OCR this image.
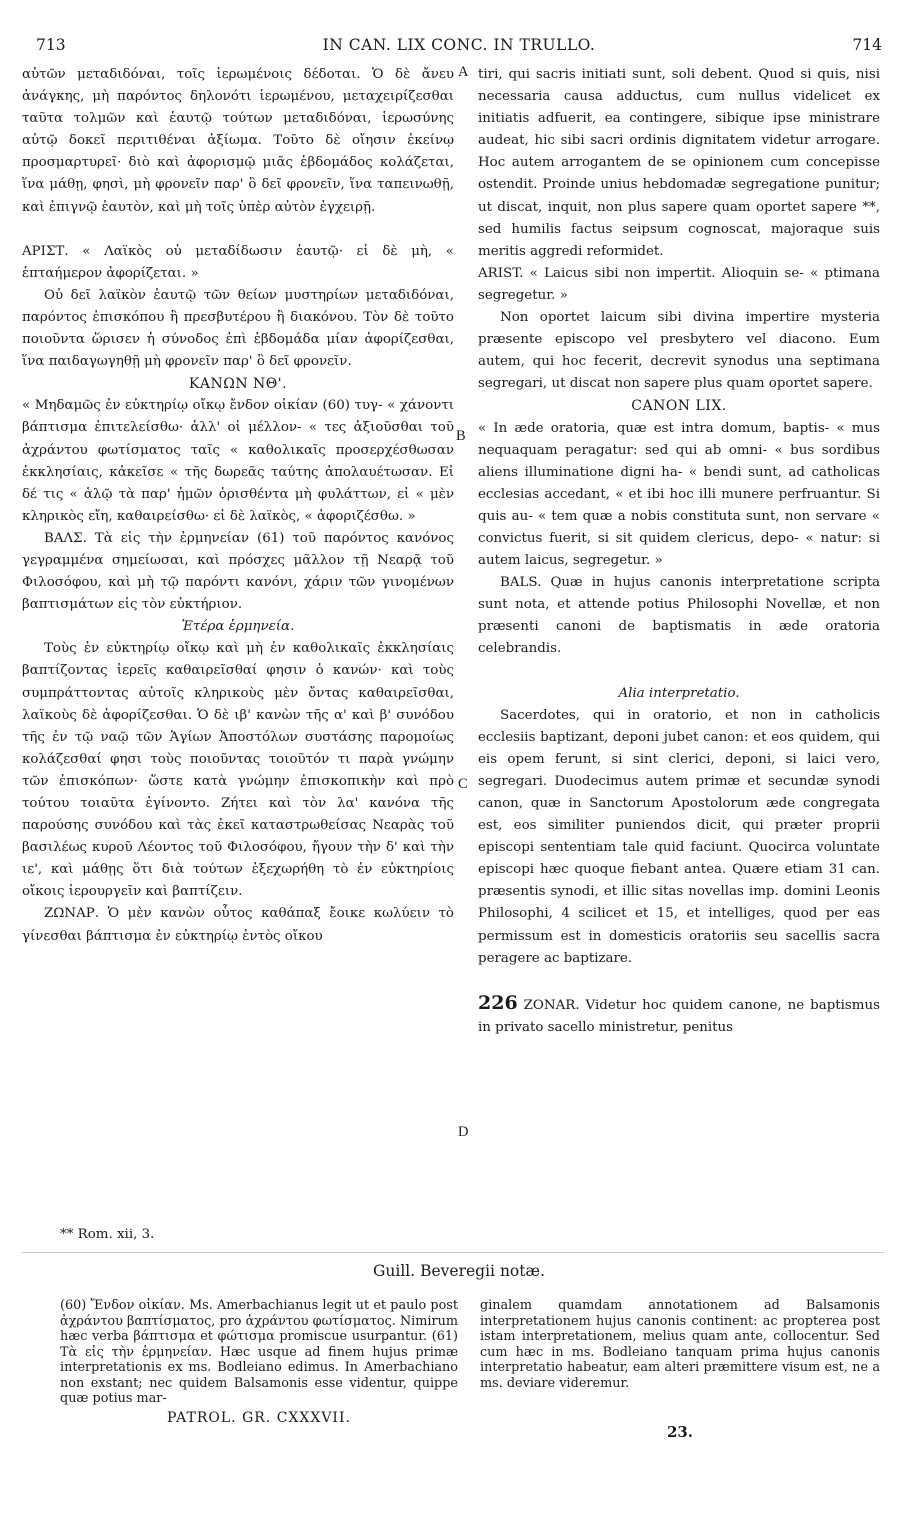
713	IN CAN. LIX CONC. IN TRULLO.	714

αὐτῶν μεταδιδόναι, τοῖς ἱερωμένοις δέδοται. Ὁ δὲ ἄνευ ἀνάγκης, μὴ παρόντος δηλονότι ἱερωμένου, μεταχειρίζεσθαι ταῦτα τολμῶν καὶ ἑαυτῷ τούτων μεταδιδόναι, ἱερωσύνης αὐτῷ δοκεῖ περιτιθέναι ἀξίωμα. Τοῦτο δὲ οἴησιν ἐκείνῳ προσμαρτυρεῖ· διὸ καὶ ἀφορισμῷ μιᾶς ἑβδομάδος κολάζεται, ἵνα μάθῃ, φησὶ, μὴ φρονεῖν παρ' ὃ δεῖ φρονεῖν, ἵνα ταπεινωθῇ, καὶ ἐπιγνῷ ἑαυτὸν, καὶ μὴ τοῖς ὑπὲρ αὐτὸν ἐγχειρῇ.

ΑΡΙΣΤ. « Λαϊκὸς οὐ μεταδίδωσιν ἑαυτῷ· εἰ δὲ μὴ, « ἑπταήμερον ἀφορίζεται. »

Οὐ δεῖ λαϊκὸν ἑαυτῷ τῶν θείων μυστηρίων μεταδιδόναι, παρόντος ἐπισκόπου ἢ πρεσβυτέρου ἢ διακόνου. Τὸν δὲ τοῦτο ποιοῦντα ὥρισεν ἡ σύνοδος ἐπὶ ἑβδομάδα μίαν ἀφορίζεσθαι, ἵνα παιδαγωγηθῇ μὴ φρονεῖν παρ' ὃ δεῖ φρονεῖν.

ΚΑΝΩΝ ΝΘ'.

« Μηδαμῶς ἐν εὐκτηρίῳ οἴκῳ ἔνδον οἰκίαν (60) τυγ- « χάνοντι βάπτισμα ἐπιτελείσθω· ἀλλ' οἱ μέλλον- « τες ἀξιοῦσθαι τοῦ ἀχράντου φωτίσματος ταῖς « καθολικαῖς προσερχέσθωσαν ἐκκλησίαις, κἀκεῖσε « τῆς δωρεᾶς ταύτης ἀπολαυέτωσαν. Εἰ δέ τις « ἁλῷ τὰ παρ' ἡμῶν ὁρισθέντα μὴ φυλάττων, εἰ « μὲν κληρικὸς εἴη, καθαιρείσθω· εἰ δὲ λαϊκὸς, « ἀφοριζέσθω. »

ΒΑΛΣ. Τὰ εἰς τὴν ἑρμηνείαν (61) τοῦ παρόντος κανόνος γεγραμμένα σημείωσαι, καὶ πρόσχες μᾶλλον τῇ Νεαρᾷ τοῦ Φιλοσόφου, καὶ μὴ τῷ παρόντι κανόνι, χάριν τῶν γινομένων βαπτισμάτων εἰς τὸν εὐκτήριον.

Ἑτέρα ἑρμηνεία.

Τοὺς ἐν εὐκτηρίῳ οἴκῳ καὶ μὴ ἐν καθολικαῖς ἐκκλησίαις βαπτίζοντας ἱερεῖς καθαιρεῖσθαί φησιν ὁ κανών· καὶ τοὺς συμπράττοντας αὐτοῖς κληρικοὺς μὲν ὄντας καθαιρεῖσθαι, λαϊκοὺς δὲ ἀφορίζεσθαι. Ὁ δὲ ιβ' κανὼν τῆς α' καὶ β' συνόδου τῆς ἐν τῷ ναῷ τῶν Ἁγίων Ἀποστόλων συστάσης παρομοίως κολάζεσθαί φησι τοὺς ποιοῦντας τοιοῦτόν τι παρὰ γνώμην τῶν ἐπισκόπων· ὥστε κατὰ γνώμην ἐπισκοπικὴν καὶ πρὸ τούτου τοιαῦτα ἐγίνοντο. Ζήτει καὶ τὸν λα' κανόνα τῆς παρούσης συνόδου καὶ τὰς ἐκεῖ καταστρωθείσας Νεαρὰς τοῦ βασιλέως κυροῦ Λέοντος τοῦ Φιλοσόφου, ἤγουν τὴν δ' καὶ τὴν ιε', καὶ μάθῃς ὅτι διὰ τούτων ἐξεχωρήθη τὸ ἐν εὐκτηρίοις οἴκοις ἱερουργεῖν καὶ βαπτίζειν.

ΖΩΝΑΡ. Ὁ μὲν κανὼν οὗτος καθάπαξ ἔοικε κωλύειν τὸ γίνεσθαι βάπτισμα ἐν εὐκτηρίῳ ἐντὸς οἴκου

tiri, qui sacris initiati sunt, soli debent. Quod si quis, nisi necessaria causa adductus, cum nullus videlicet ex initiatis adfuerit, ea contingere, sibique ipse ministrare audeat, hic sibi sacri ordinis dignitatem videtur arrogare. Hoc autem arrogantem de se opinionem cum concepisse ostendit. Proinde unius hebdomadæ segregatione punitur; ut discat, inquit, non plus sapere quam oportet sapere **, sed humilis factus seipsum cognoscat, majoraque suis meritis aggredi reformidet.

ARIST. « Laicus sibi non impertit. Alioquin se- « ptimana segregetur. »

Non oportet laicum sibi divina impertire mysteria præsente episcopo vel presbytero vel diacono. Eum autem, qui hoc fecerit, decrevit synodus una septimana segregari, ut discat non sapere plus quam oportet sapere.

CANON LIX.

« In æde oratoria, quæ est intra domum, baptis- « mus nequaquam peragatur: sed qui ab omni- « bus sordibus aliens illuminatione digni ha- « bendi sunt, ad catholicas ecclesias accedant, « et ibi hoc illi munere perfruantur. Si quis au- « tem quæ a nobis constituta sunt, non servare « convictus fuerit, si sit quidem clericus, depo- « natur: si autem laicus, segregetur. »

BALS. Quæ in hujus canonis interpretatione scripta sunt nota, et attende potius Philosophi Novellæ, et non præsenti canoni de baptismatis in æde oratoria celebrandis.

Alia interpretatio.

Sacerdotes, qui in oratorio, et non in catholicis ecclesiis baptizant, deponi jubet canon: et eos quidem, qui eis opem ferunt, si sint clerici, deponi, si laici vero, segregari. Duodecimus autem primæ et secundæ synodi canon, quæ in Sanctorum Apostolorum æde congregata est, eos similiter puniendos dicit, qui præter proprii episcopi sententiam tale quid faciunt. Quocirca voluntate episcopi hæc quoque fiebant antea. Quære etiam 31 can. præsentis synodi, et illic sitas novellas imp. domini Leonis Philosophi, 4 scilicet et 15, et intelliges, quod per eas permissum est in domesticis oratoriis seu sacellis sacra peragere ac baptizare.

226 ZONAR. Videtur hoc quidem canone, ne baptismus in privato sacello ministretur, penitus

A
B
C
D
** Rom. xii, 3.
Guill. Beveregii notæ.

(60) Ἔνδον οἰκίαν. Ms. Amerbachianus legit ut et paulo post ἀχράντου βαπτίσματος, pro ἀχράντου φωτίσματος. Nimirum hæc verba βάπτισμα et φώτισμα promiscue usurpantur. (61) Τὰ εἰς τὴν ἑρμηνείαν. Hæc usque ad finem hujus primæ interpretationis ex ms. Bodleiano edimus. In Amerbachiano non exstant; nec quidem Balsamonis esse videntur, quippe quæ potius mar-

PATROL. GR. CXXXVII.

ginalem quamdam annotationem ad Balsamonis interpretationem hujus canonis continent: ac propterea post istam interpretationem, melius quam ante, collocentur. Sed cum hæc in ms. Bodleiano tanquam prima hujus canonis interpretatio habeatur, eam alteri præmittere visum est, ne a ms. deviare videremur.

23.
